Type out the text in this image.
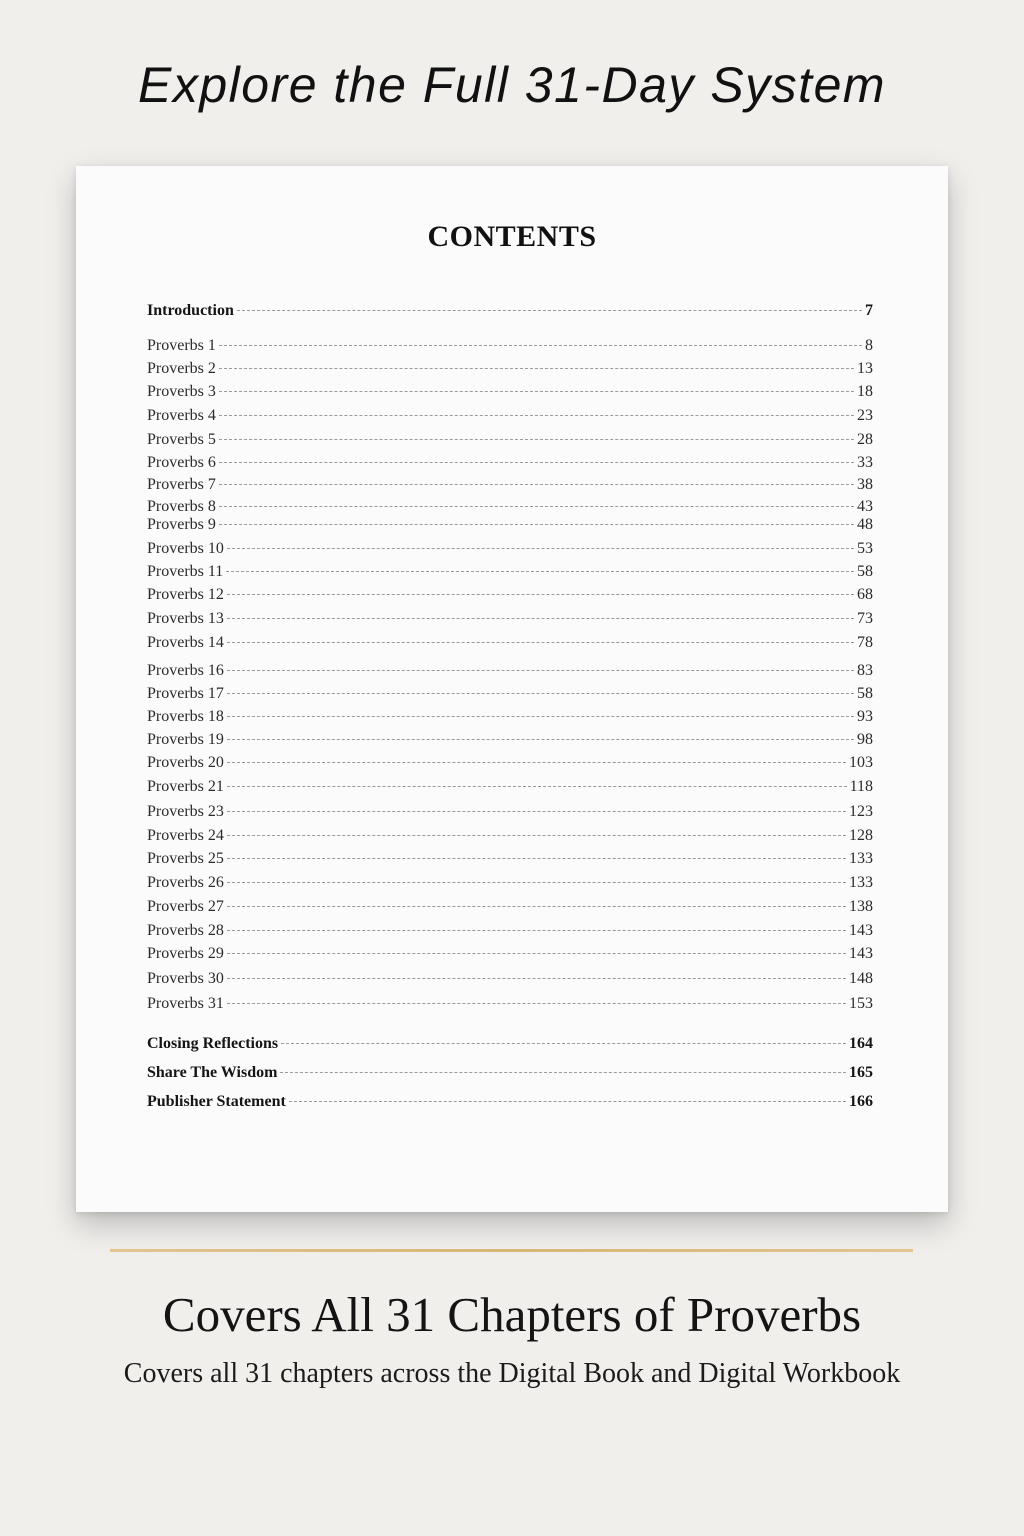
Explore the Full 31-Day System
CONTENTS
Introduction	7
Proverbs 1	8
Proverbs 2	13
Proverbs 3	18
Proverbs 4	23
Proverbs 5	28
Proverbs 6	33
Proverbs 7	38
Proverbs 8	43
Proverbs 9	48
Proverbs 10	53
Proverbs 11	58
Proverbs 12	68
Proverbs 13	73
Proverbs 14	78
Proverbs 16	83
Proverbs 17	58
Proverbs 18	93
Proverbs 19	98
Proverbs 20	103
Proverbs 21	118
Proverbs 23	123
Proverbs 24	128
Proverbs 25	133
Proverbs 26	133
Proverbs 27	138
Proverbs 28	143
Proverbs 29	143
Proverbs 30	148
Proverbs 31	153
Closing Reflections	164
Share The Wisdom	165
Publisher Statement	166
Covers All 31 Chapters of Proverbs

Covers all 31 chapters across the Digital Book and Digital Workbook
